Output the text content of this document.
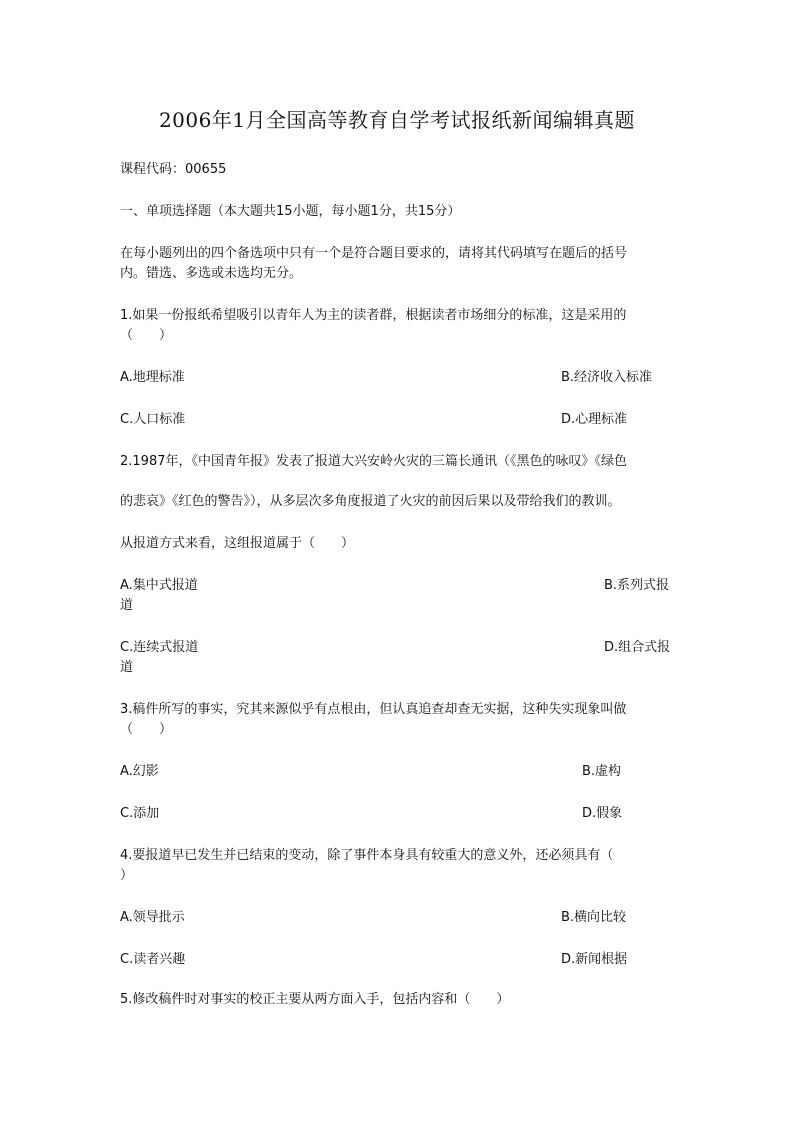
2006年1月全国高等教育自学考试报纸新闻编辑真题
课程代码：00655
一、单项选择题（本大题共15小题，每小题1分，共15分）
在每小题列出的四个备选项中只有一个是符合题目要求的，请将其代码填写在题后的括号
内。错选、多选或未选均无分。
1.如果一份报纸希望吸引以青年人为主的读者群，根据读者市场细分的标准，这是采用的
（　　）
A.地理标准	B.经济收入标准
C.人口标准	D.心理标准
2.1987年，《中国青年报》发表了报道大兴安岭火灾的三篇长通讯（《黑色的咏叹》《绿色
的悲哀》《红色的警告》），从多层次多角度报道了火灾的前因后果以及带给我们的教训。
从报道方式来看，这组报道属于（　　）
A.集中式报道	B.系列式报
道
C.连续式报道	D.组合式报
道
3.稿件所写的事实，究其来源似乎有点根由，但认真追查却查无实据，这种失实现象叫做
（　　）
A.幻影	B.虚构
C.添加	D.假象
4.要报道早已发生并已结束的变动，除了事件本身具有较重大的意义外，还必须具有（
）
A.领导批示	B.横向比较
C.读者兴趣	D.新闻根据
5.修改稿件时对事实的校正主要从两方面入手，包括内容和（　　）
